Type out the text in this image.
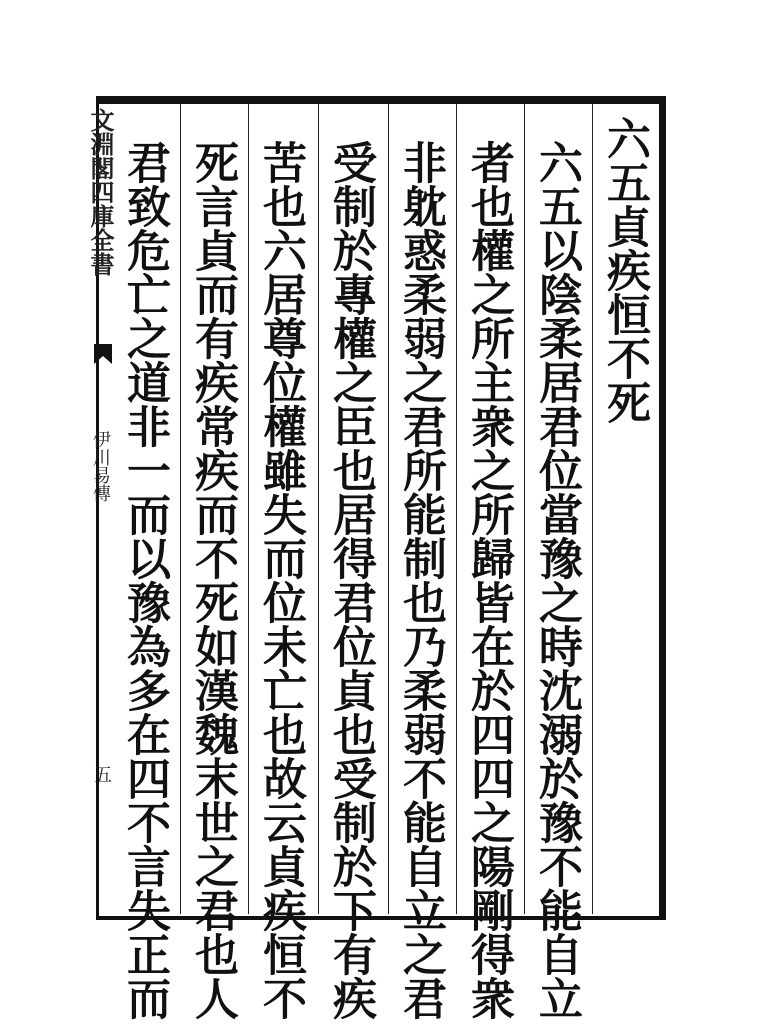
文淵閣四庫全書
伊川易傳
五
六五貞疾恒不死
六五以陰柔居君位當豫之時沈溺於豫不能自立
者也權之所主衆之所歸皆在於四四之陽剛得衆
非躭惑柔弱之君所能制也乃柔弱不能自立之君
受制於專權之臣也居得君位貞也受制於下有疾
苦也六居尊位權雖失而位未亡也故云貞疾恒不
死言貞而有疾常疾而不死如漢魏末世之君也人
君致危亡之道非一而以豫為多在四不言失正而
